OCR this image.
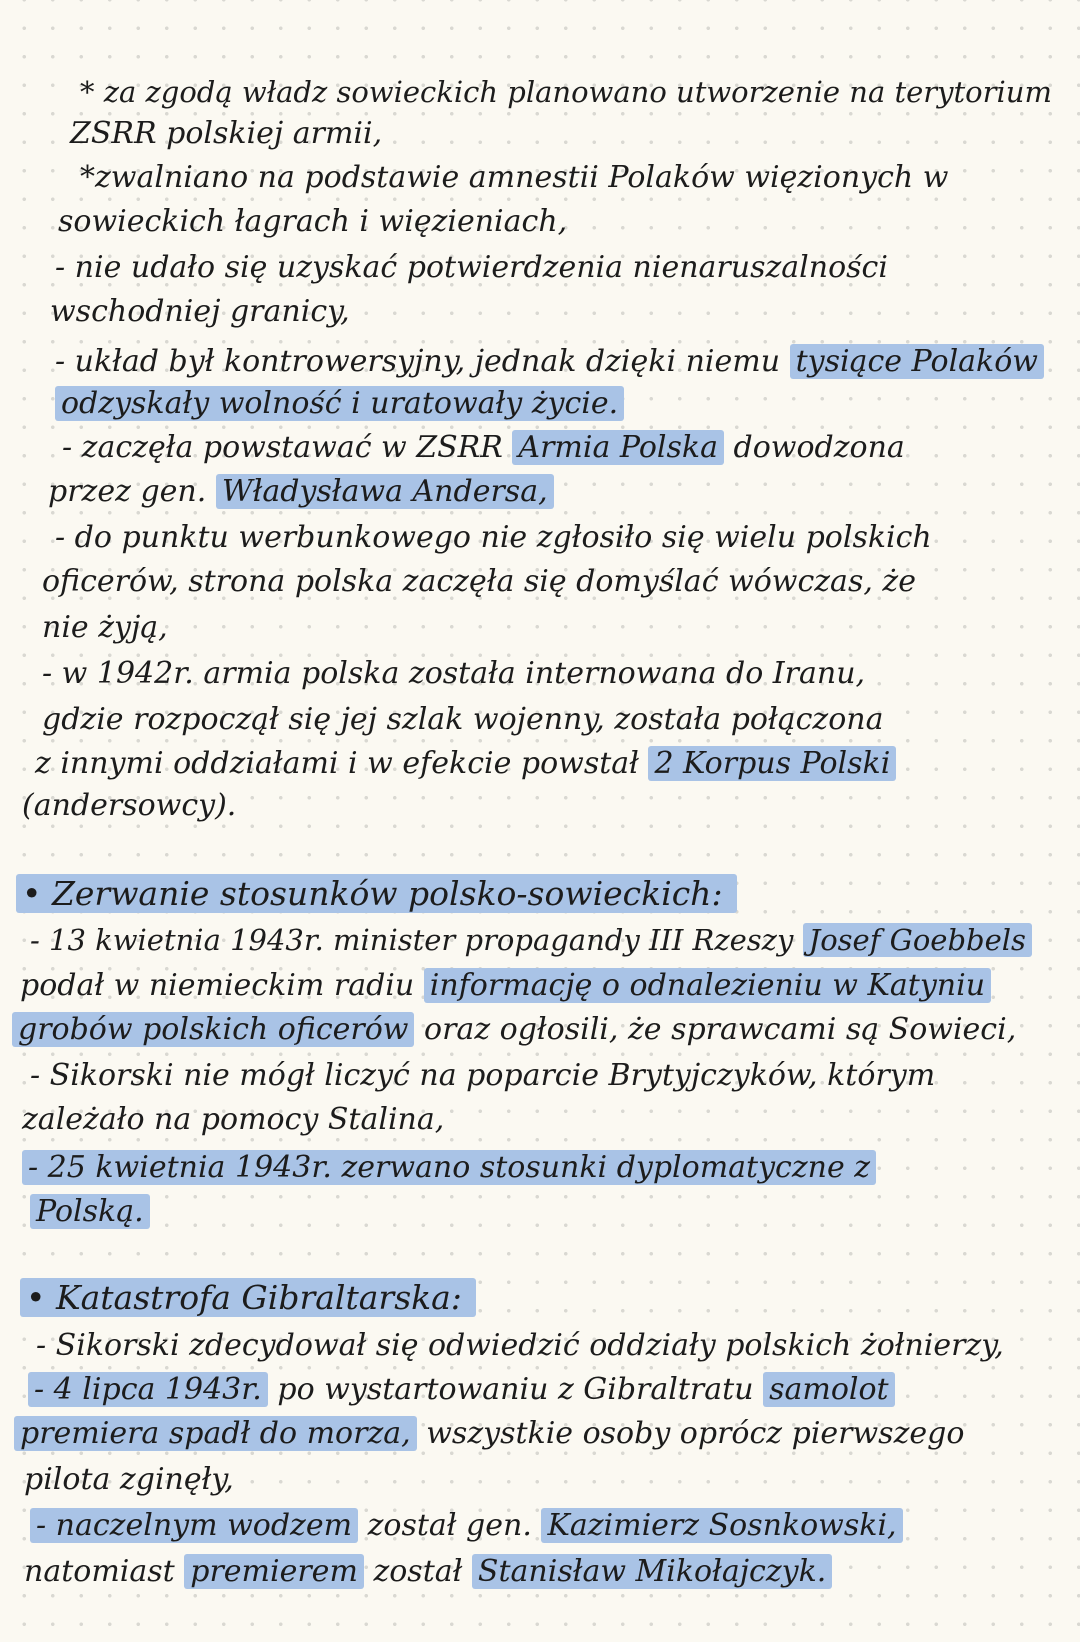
* za zgodą władz sowieckich planowano utworzenie na terytorium
ZSRR polskiej armii,
*zwalniano na podstawie amnestii Polaków więzionych w
sowieckich łagrach i więzieniach,
- nie udało się uzyskać potwierdzenia nienaruszalności
wschodniej granicy,
- układ był kontrowersyjny, jednak dzięki niemu tysiące Polaków
odzyskały wolność i uratowały życie.
- zaczęła powstawać w ZSRR Armia Polska dowodzona
przez gen. Władysława Andersa,
- do punktu werbunkowego nie zgłosiło się wielu polskich
oficerów, strona polska zaczęła się domyślać wówczas, że
nie żyją,
- w 1942r. armia polska została internowana do Iranu,
gdzie rozpoczął się jej szlak wojenny, została połączona
z innymi oddziałami i w efekcie powstał 2 Korpus Polski
(andersowcy).
• Zerwanie stosunków polsko-sowieckich:
- 13 kwietnia 1943r. minister propagandy III Rzeszy Josef Goebbels
podał w niemieckim radiu informację o odnalezieniu w Katyniu
grobów polskich oficerów oraz ogłosili, że sprawcami są Sowieci,
- Sikorski nie mógł liczyć na poparcie Brytyjczyków, którym
zależało na pomocy Stalina,
- 25 kwietnia 1943r. zerwano stosunki dyplomatyczne z
Polską.
• Katastrofa Gibraltarska:
- Sikorski zdecydował się odwiedzić oddziały polskich żołnierzy,
- 4 lipca 1943r. po wystartowaniu z Gibraltratu samolot
premiera spadł do morza, wszystkie osoby oprócz pierwszego
pilota zginęły,
- naczelnym wodzem został gen. Kazimierz Sosnkowski,
natomiast premierem został Stanisław Mikołajczyk.
